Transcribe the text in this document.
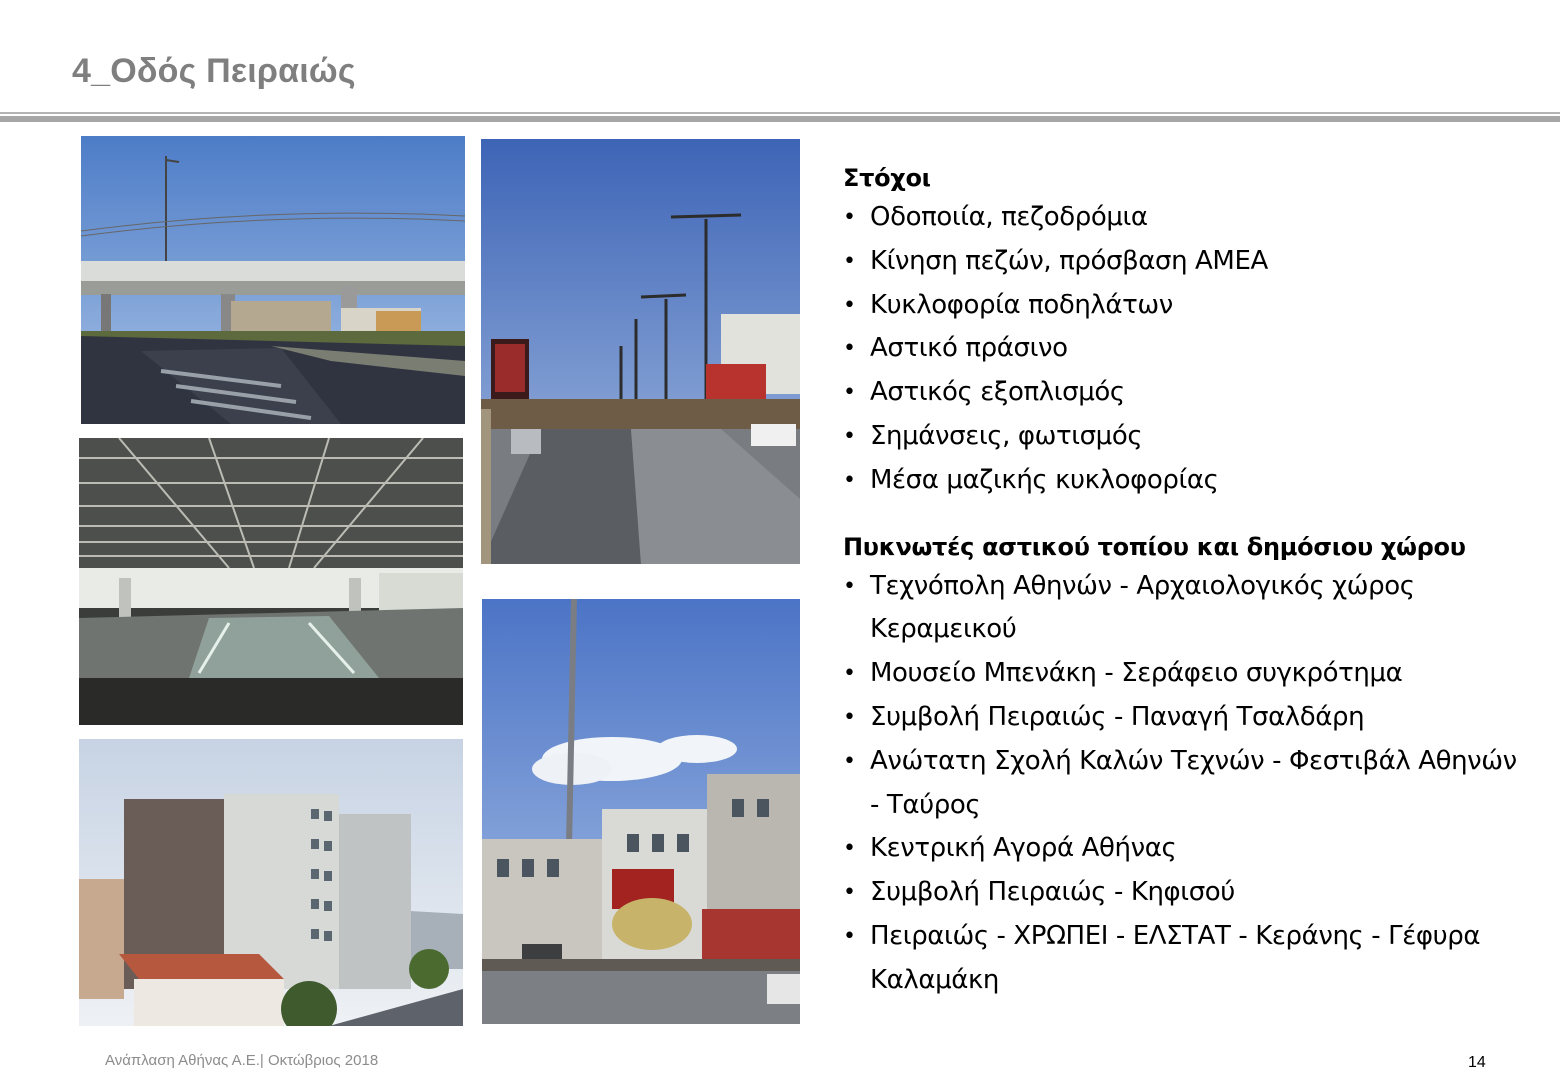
4_Οδός Πειραιώς
Στόχοι
• Οδοποιία, πεζοδρόμια
• Κίνηση πεζών, πρόσβαση ΑΜΕΑ
• Κυκλοφορία ποδηλάτων
• Αστικό πράσινο
• Αστικός εξοπλισμός
• Σημάνσεις, φωτισμός
• Μέσα μαζικής κυκλοφορίας
Πυκνωτές αστικού τοπίου και δημόσιου χώρου
• Τεχνόπολη Αθηνών - Αρχαιολογικός χώρος Κεραμεικού
• Μουσείο Μπενάκη - Σεράφειο συγκρότημα
• Συμβολή Πειραιώς - Παναγή Τσαλδάρη
• Ανώτατη Σχολή Καλών Τεχνών - Φεστιβάλ Αθηνών - Ταύρος
• Κεντρική Αγορά Αθήνας
• Συμβολή Πειραιώς - Κηφισού
• Πειραιώς - ΧΡΩΠΕΙ - ΕΛΣΤΑΤ - Κεράνης - Γέφυρα Καλαμάκη
Ανάπλαση Αθήνας Α.Ε.| Οκτώβριος 2018	14
